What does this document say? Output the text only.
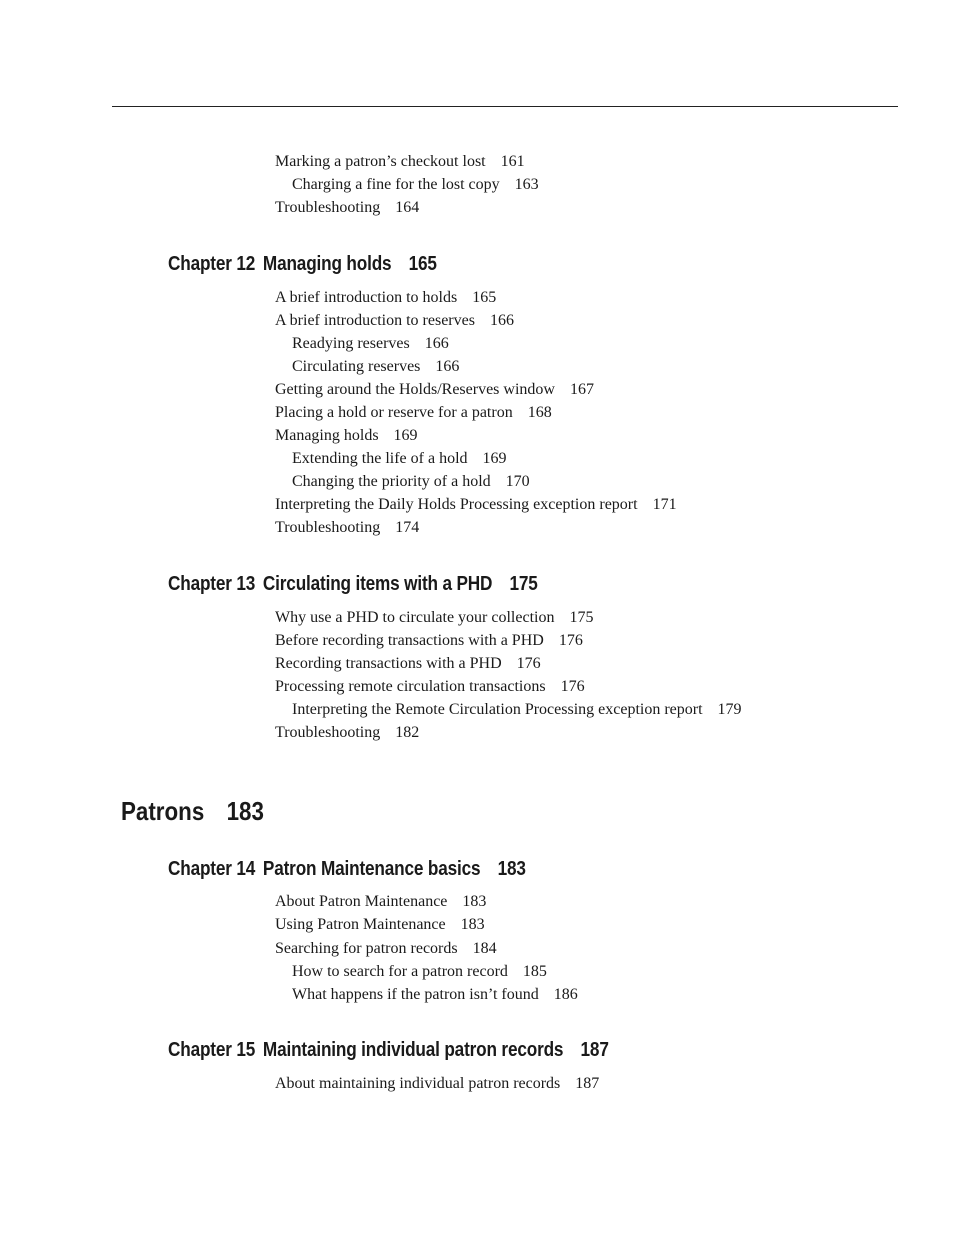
Marking a patron’s checkout lost 161
Charging a fine for the lost copy 163
Troubleshooting 164
Chapter 12 Managing holds 165
A brief introduction to holds 165
A brief introduction to reserves 166
Readying reserves 166
Circulating reserves 166
Getting around the Holds/Reserves window 167
Placing a hold or reserve for a patron 168
Managing holds 169
Extending the life of a hold 169
Changing the priority of a hold 170
Interpreting the Daily Holds Processing exception report 171
Troubleshooting 174
Chapter 13 Circulating items with a PHD 175
Why use a PHD to circulate your collection 175
Before recording transactions with a PHD 176
Recording transactions with a PHD 176
Processing remote circulation transactions 176
Interpreting the Remote Circulation Processing exception report 179
Troubleshooting 182
Patrons 183
Chapter 14 Patron Maintenance basics 183
About Patron Maintenance 183
Using Patron Maintenance 183
Searching for patron records 184
How to search for a patron record 185
What happens if the patron isn’t found 186
Chapter 15 Maintaining individual patron records 187
About maintaining individual patron records 187
